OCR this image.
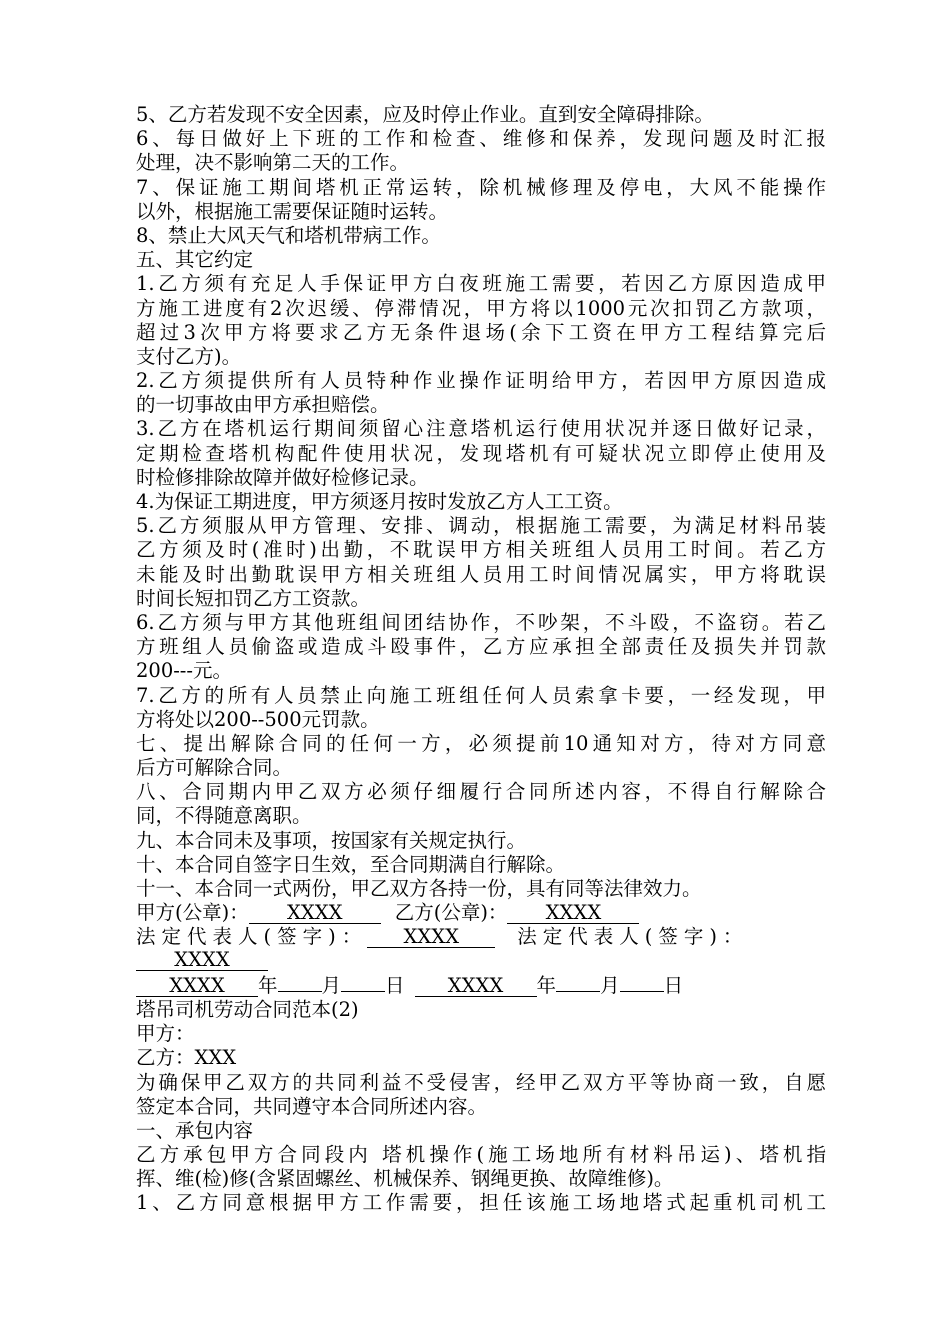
5、乙方若发现不安全因素，应及时停止作业。直到安全障碍排除。
6、每日做好上下班的工作和检查、维修和保养，发现问题及时汇报
处理，决不影响第二天的工作。
7、保证施工期间塔机正常运转，除机械修理及停电，大风不能操作
以外，根据施工需要保证随时运转。
8、禁止大风天气和塔机带病工作。
五、其它约定
1.乙方须有充足人手保证甲方白夜班施工需要，若因乙方原因造成甲
方施工进度有2次迟缓、停滞情况，甲方将以1000元次扣罚乙方款项，
超过3次甲方将要求乙方无条件退场(余下工资在甲方工程结算完后
支付乙方)。
2.乙方须提供所有人员特种作业操作证明给甲方，若因甲方原因造成
的一切事故由甲方承担赔偿。
3.乙方在塔机运行期间须留心注意塔机运行使用状况并逐日做好记录，
定期检查塔机构配件使用状况，发现塔机有可疑状况立即停止使用及
时检修排除故障并做好检修记录。
4.为保证工期进度，甲方须逐月按时发放乙方人工工资。
5.乙方须服从甲方管理、安排、调动，根据施工需要，为满足材料吊装
乙方须及时(准时)出勤，不耽误甲方相关班组人员用工时间。若乙方
未能及时出勤耽误甲方相关班组人员用工时间情况属实，甲方将耽误
时间长短扣罚乙方工资款。
6.乙方须与甲方其他班组间团结协作，不吵架，不斗殴，不盗窃。若乙
方班组人员偷盗或造成斗殴事件，乙方应承担全部责任及损失并罚款
200---元。
7.乙方的所有人员禁止向施工班组任何人员索拿卡要，一经发现，甲
方将处以200--500元罚款。
七、提出解除合同的任何一方，必须提前10通知对方，待对方同意
后方可解除合同。
八、合同期内甲乙双方必须仔细履行合同所述内容，不得自行解除合
同，不得随意离职。
九、本合同未及事项，按国家有关规定执行。
十、本合同自签字日生效，至合同期满自行解除。
十一、本合同一式两份，甲乙双方各持一份，具有同等法律效力。
甲方(公章)：	XXXX	乙方(公章)：	XXXX
法定代表人(签字)：	XXXX	法定代表人(签字)：
XXXX
XXXX	年 月 日	XXXX	年 月 日
塔吊司机劳动合同范本(2)
甲方：
乙方：XXX
为确保甲乙双方的共同利益不受侵害，经甲乙双方平等协商一致，自愿
签定本合同，共同遵守本合同所述内容。
一、承包内容
乙方承包甲方合同段内 塔机操作(施工场地所有材料吊运)、塔机指
挥、维(检)修(含紧固螺丝、机械保养、钢绳更换、故障维修)。
1、乙方同意根据甲方工作需要，担任该施工场地塔式起重机司机工
